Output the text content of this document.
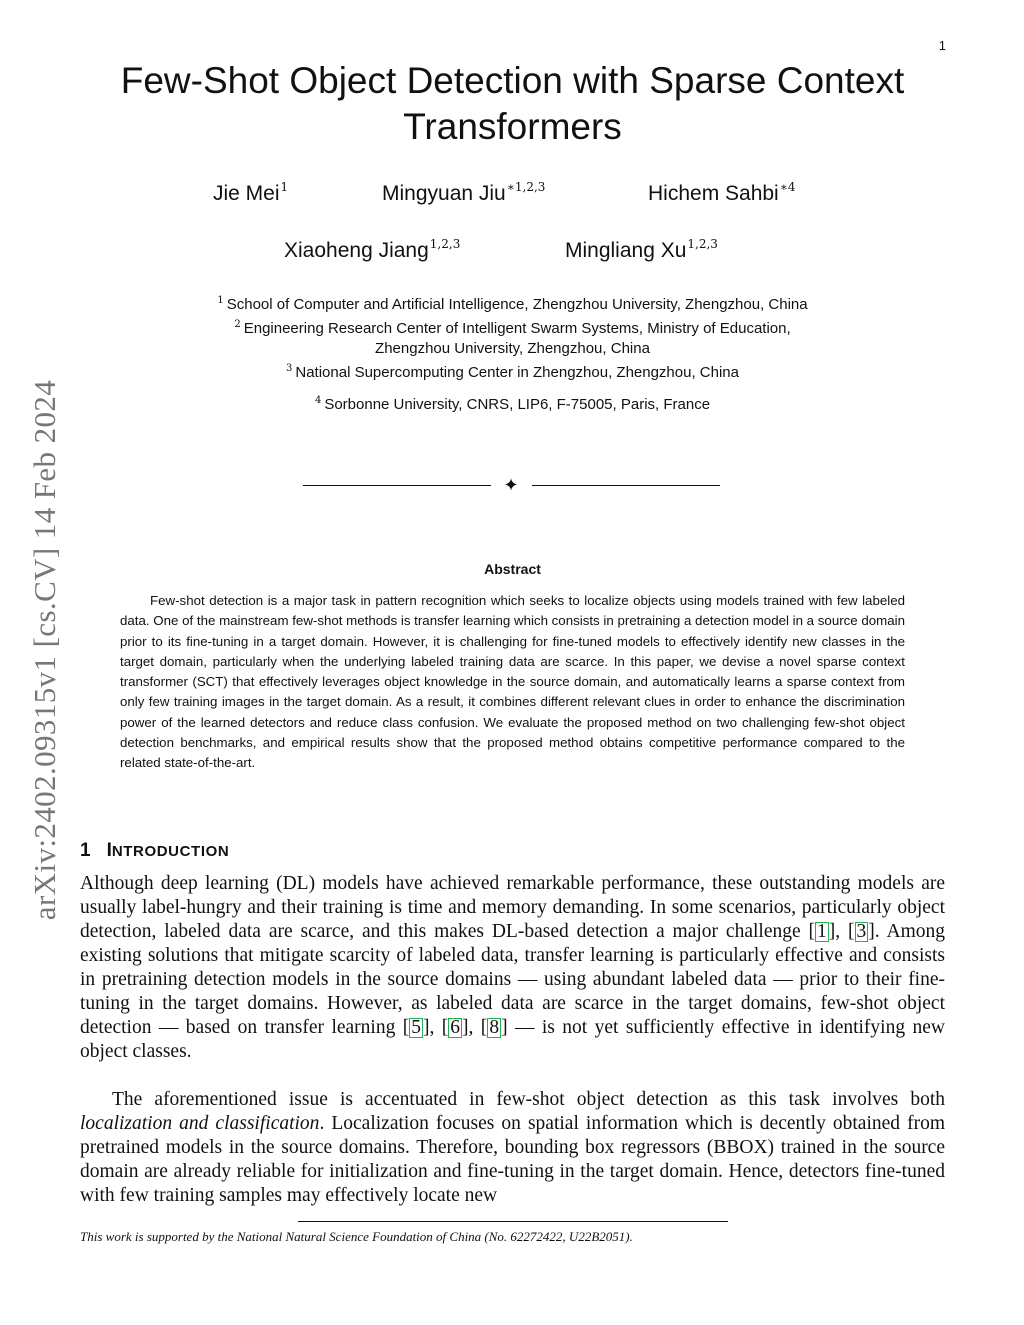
1
Few-Shot Object Detection with Sparse Context Transformers
Jie Mei$^1$	Mingyuan Jiu$^{∗1,2,3}$	Hichem Sahbi$^{∗4}$
Xiaoheng Jiang$^{1,2,3}$	Mingliang Xu$^{1,2,3}$
$^1$ School of Computer and Artificial Intelligence, Zhengzhou University, Zhengzhou, China
$^2$ Engineering Research Center of Intelligent Swarm Systems, Ministry of Education,
Zhengzhou University, Zhengzhou, China
$^3$ National Supercomputing Center in Zhengzhou, Zhengzhou, China
$^4$ Sorbonne University, CNRS, LIP6, F-75005, Paris, France
✦
Abstract

Few-shot detection is a major task in pattern recognition which seeks to localize objects using models trained with few labeled data. One of the mainstream few-shot methods is transfer learning which consists in pretraining a detection model in a source domain prior to its fine-tuning in a target domain. However, it is challenging for fine-tuned models to effectively identify new classes in the target domain, particularly when the underlying labeled training data are scarce. In this paper, we devise a novel sparse context transformer (SCT) that effectively leverages object knowledge in the source domain, and automatically learns a sparse context from only few training images in the target domain. As a result, it combines different relevant clues in order to enhance the discrimination power of the learned detectors and reduce class confusion. We evaluate the proposed method on two challenging few-shot object detection benchmarks, and empirical results show that the proposed method obtains competitive performance compared to the related state-of-the-art.

1 INTRODUCTION

Although deep learning (DL) models have achieved remarkable performance, these outstanding models are usually label-hungry and their training is time and memory demanding. In some scenarios, particularly object detection, labeled data are scarce, and this makes DL-based detection a major challenge [ 1 ], [ 3 ]. Among existing solutions that mitigate scarcity of labeled data, transfer learning is particularly effective and consists in pretraining detection models in the source domains — using abundant labeled data — prior to their fine-tuning in the target domains. However, as labeled data are scarce in the target domains, few-shot object detection — based on transfer learning [ 5 ], [ 6 ], [ 8 ] — is not yet sufficiently effective in identifying new object classes.

The aforementioned issue is accentuated in few-shot object detection as this task involves both localization and classification. Localization focuses on spatial information which is decently obtained from pretrained models in the source domains. Therefore, bounding box regressors (BBOX) trained in the source domain are already reliable for initialization and fine-tuning in the target domain. Hence, detectors fine-tuned with few training samples may effectively locate new

This work is supported by the National Natural Science Foundation of China (No. 62272422, U22B2051).
arXiv:2402.09315v1 [cs.CV] 14 Feb 2024
